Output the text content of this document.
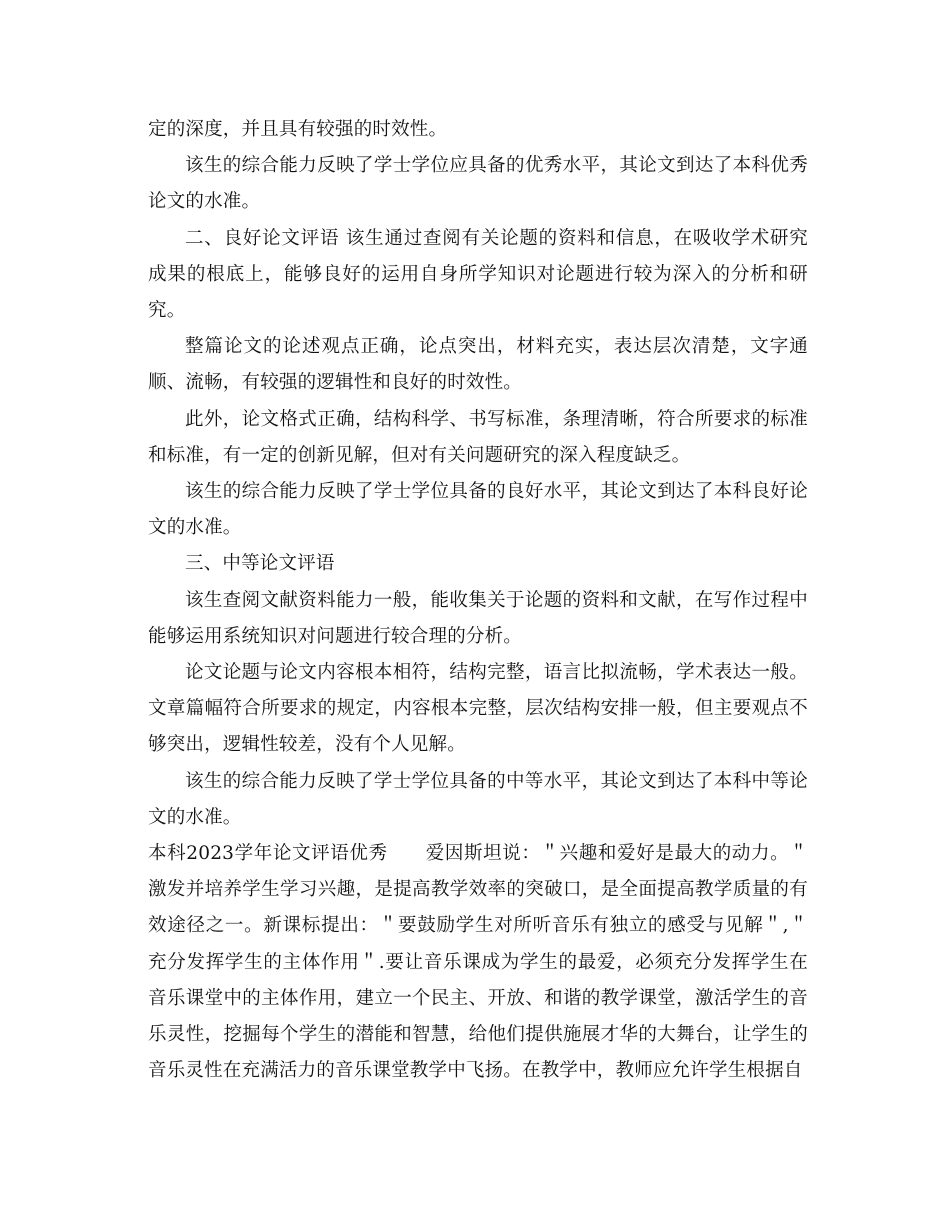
定的深度，并且具有较强的时效性。

该生的综合能力反映了学士学位应具备的优秀水平，其论文到达了本科优秀论文的水准。

二、良好论文评语 该生通过查阅有关论题的资料和信息，在吸收学术研究成果的根底上，能够良好的运用自身所学知识对论题进行较为深入的分析和研究。

整篇论文的论述观点正确，论点突出，材料充实，表达层次清楚，文字通顺、流畅，有较强的逻辑性和良好的时效性。

此外，论文格式正确，结构科学、书写标准，条理清晰，符合所要求的标准和标准，有一定的创新见解，但对有关问题研究的深入程度缺乏。

该生的综合能力反映了学士学位具备的良好水平，其论文到达了本科良好论文的水准。

三、中等论文评语

该生查阅文献资料能力一般，能收集关于论题的资料和文献，在写作过程中能够运用系统知识对问题进行较合理的分析。

论文论题与论文内容根本相符，结构完整，语言比拟流畅，学术表达一般。文章篇幅符合所要求的规定，内容根本完整，层次结构安排一般，但主要观点不够突出，逻辑性较差，没有个人见解。

该生的综合能力反映了学士学位具备的中等水平，其论文到达了本科中等论文的水准。

本科2023学年论文评语优秀 爱因斯坦说：＂兴趣和爱好是最大的动力。＂激发并培养学生学习兴趣，是提高教学效率的突破口，是全面提高教学质量的有效途径之一。新课标提出：＂要鼓励学生对所听音乐有独立的感受与见解＂,＂充分发挥学生的主体作用＂.要让音乐课成为学生的最爱，必须充分发挥学生在音乐课堂中的主体作用，建立一个民主、开放、和谐的教学课堂，激活学生的音乐灵性，挖掘每个学生的潜能和智慧，给他们提供施展才华的大舞台，让学生的音乐灵性在充满活力的音乐课堂教学中飞扬。在教学中，教师应允许学生根据自
